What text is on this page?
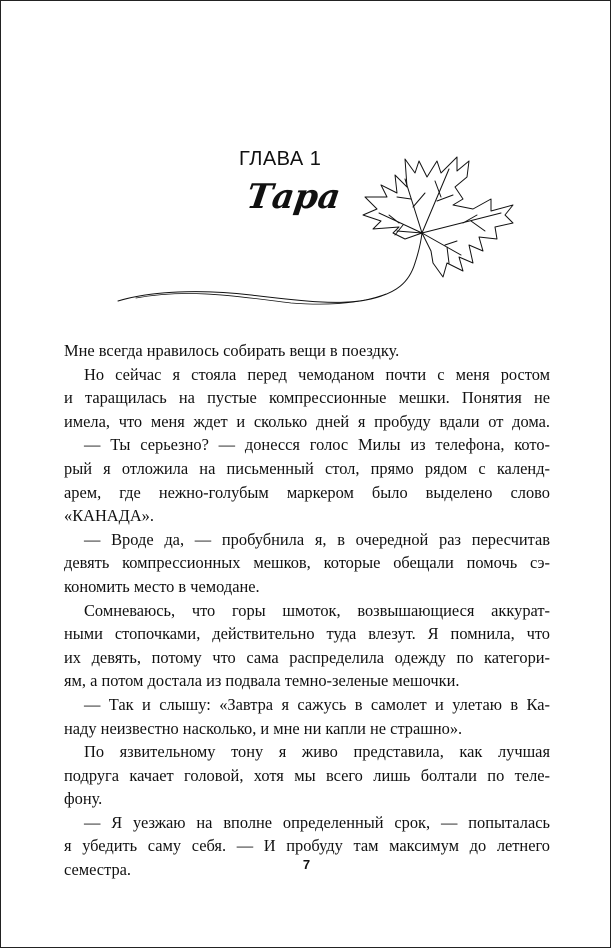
ГЛАВА 1
Тара
Мне всегда нравилось собирать вещи в поездку.
Но сейчас я стояла перед чемоданом почти с меня ростом
и таращилась на пустые компрессионные мешки. Понятия не
имела, что меня ждет и сколько дней я пробуду вдали от дома.
— Ты серьезно? — донесся голос Милы из телефона, кото-
рый я отложила на письменный стол, прямо рядом с календ-
арем, где нежно-голубым маркером было выделено слово
«КАНАДА».
— Вроде да, — пробубнила я, в очередной раз пересчитав
девять компрессионных мешков, которые обещали помочь сэ-
кономить место в чемодане.
Сомневаюсь, что горы шмоток, возвышающиеся аккурат-
ными стопочками, действительно туда влезут. Я помнила, что
их девять, потому что сама распределила одежду по категори-
ям, а потом достала из подвала темно-зеленые мешочки.
— Так и слышу: «Завтра я сажусь в самолет и улетаю в Ка-
наду неизвестно насколько, и мне ни капли не страшно».
По язвительному тону я живо представила, как лучшая
подруга качает головой, хотя мы всего лишь болтали по теле-
фону.
— Я уезжаю на вполне определенный срок, — попыталась
я убедить саму себя. — И пробуду там максимум до летнего
семестра.	7
